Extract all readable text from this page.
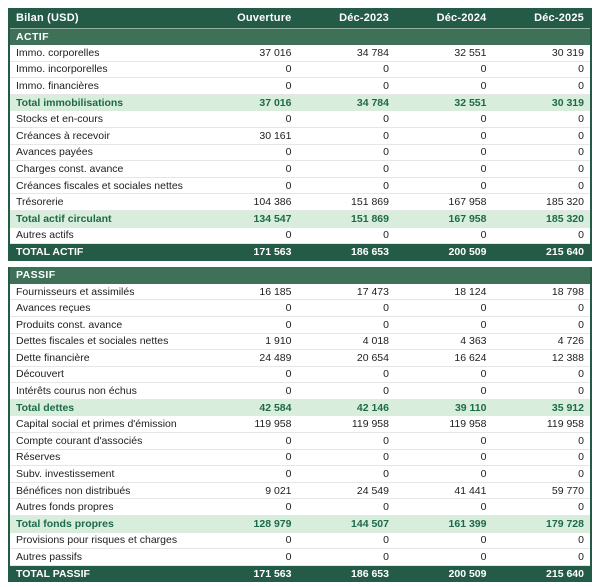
Bilan (USD)	Ouverture	Déc-2023	Déc-2024	Déc-2025
ACTIF
Immo. corporelles	37 016	34 784	32 551	30 319
Immo. incorporelles	0	0	0	0
Immo. financières	0	0	0	0
Total immobilisations	37 016	34 784	32 551	30 319
Stocks et en-cours	0	0	0	0
Créances à recevoir	30 161	0	0	0
Avances payées	0	0	0	0
Charges const. avance	0	0	0	0
Créances fiscales et sociales nettes	0	0	0	0
Trésorerie	104 386	151 869	167 958	185 320
Total actif circulant	134 547	151 869	167 958	185 320
Autres actifs	0	0	0	0
TOTAL ACTIF	171 563	186 653	200 509	215 640
PASSIF
Fournisseurs et assimilés	16 185	17 473	18 124	18 798
Avances reçues	0	0	0	0
Produits const. avance	0	0	0	0
Dettes fiscales et sociales nettes	1 910	4 018	4 363	4 726
Dette financière	24 489	20 654	16 624	12 388
Découvert	0	0	0	0
Intérêts courus non échus	0	0	0	0
Total dettes	42 584	42 146	39 110	35 912
Capital social et primes d'émission	119 958	119 958	119 958	119 958
Compte courant d'associés	0	0	0	0
Réserves	0	0	0	0
Subv. investissement	0	0	0	0
Bénéfices non distribués	9 021	24 549	41 441	59 770
Autres fonds propres	0	0	0	0
Total fonds propres	128 979	144 507	161 399	179 728
Provisions pour risques et charges	0	0	0	0
Autres passifs	0	0	0	0
TOTAL PASSIF	171 563	186 653	200 509	215 640
